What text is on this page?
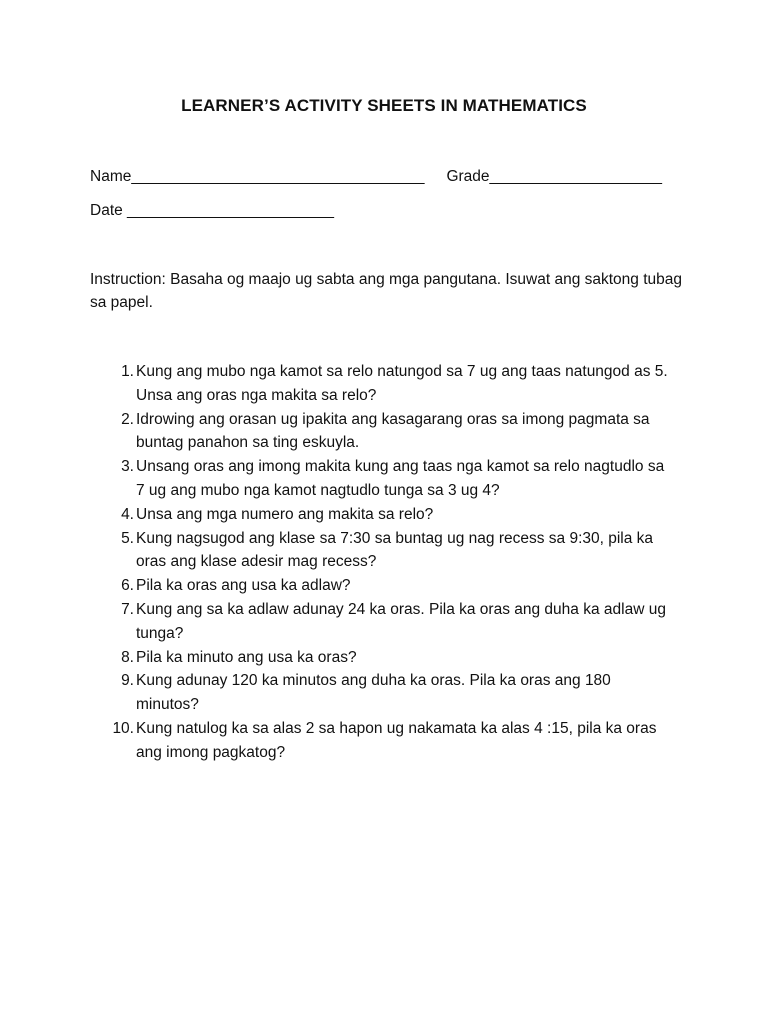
LEARNER’S ACTIVITY SHEETS IN MATHEMATICS
Name__________________________________ Grade____________________
Date ________________________
Instruction: Basaha og maajo ug sabta ang mga pangutana. Isuwat ang saktong tubag sa papel.
1. Kung ang mubo nga kamot sa relo natungod sa 7 ug ang taas natungod as 5. Unsa ang oras nga makita sa relo?
2. Idrowing ang orasan ug ipakita ang kasagarang oras sa imong pagmata sa buntag panahon sa ting eskuyla.
3. Unsang oras ang imong makita kung ang taas nga kamot sa relo nagtudlo sa 7 ug ang mubo nga kamot nagtudlo tunga sa 3 ug 4?
4. Unsa ang mga numero ang makita sa relo?
5. Kung nagsugod ang klase sa 7:30 sa buntag ug nag recess sa 9:30, pila ka oras ang klase adesir mag recess?
6. Pila ka oras ang usa ka adlaw?
7. Kung ang sa ka adlaw adunay 24 ka oras. Pila ka oras ang duha ka adlaw ug tunga?
8. Pila ka minuto ang usa ka oras?
9. Kung adunay 120 ka minutos ang duha ka oras. Pila ka oras ang 180 minutos?
10. Kung natulog ka sa alas 2 sa hapon ug nakamata ka alas 4 :15, pila ka oras ang imong pagkatog?
